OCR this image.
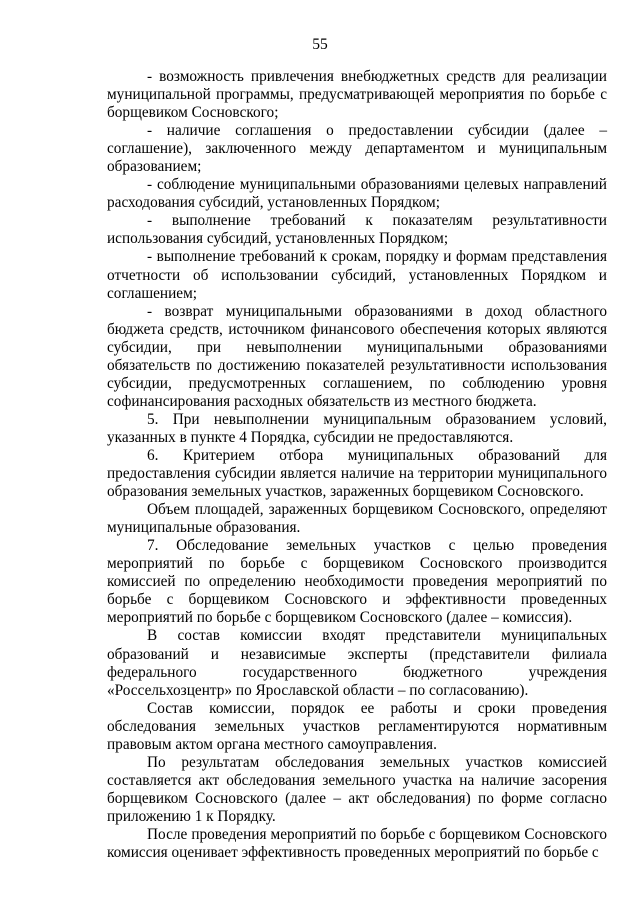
55

- возможность привлечения внебюджетных средств для реализации муниципальной программы, предусматривающей мероприятия по борьбе с борщевиком Сосновского;

- наличие соглашения о предоставлении субсидии (далее – соглашение), заключенного между департаментом и муниципальным образованием;

- соблюдение муниципальными образованиями целевых направлений расходования субсидий, установленных Порядком;

- выполнение требований к показателям результативности использования субсидий, установленных Порядком;

- выполнение требований к срокам, порядку и формам представления отчетности об использовании субсидий, установленных Порядком и соглашением;

- возврат муниципальными образованиями в доход областного бюджета средств, источником финансового обеспечения которых являются субсидии, при невыполнении муниципальными образованиями обязательств по достижению показателей результативности использования субсидии, предусмотренных соглашением, по соблюдению уровня софинансирования расходных обязательств из местного бюджета.

5. При невыполнении муниципальным образованием условий, указанных в пункте 4 Порядка, субсидии не предоставляются.

6. Критерием отбора муниципальных образований для предоставления субсидии является наличие на территории муниципального образования земельных участков, зараженных борщевиком Сосновского.

Объем площадей, зараженных борщевиком Сосновского, определяют муниципальные образования.

7. Обследование земельных участков с целью проведения мероприятий по борьбе с борщевиком Сосновского производится комиссией по определению необходимости проведения мероприятий по борьбе с борщевиком Сосновского и эффективности проведенных мероприятий по борьбе с борщевиком Сосновского (далее – комиссия).

В состав комиссии входят представители муниципальных образований и независимые эксперты (представители филиала федерального государственного бюджетного учреждения «Россельхозцентр» по Ярославской области – по согласованию).

Состав комиссии, порядок ее работы и сроки проведения обследования земельных участков регламентируются нормативным правовым актом органа местного самоуправления.

По результатам обследования земельных участков комиссией составляется акт обследования земельного участка на наличие засорения борщевиком Сосновского (далее – акт обследования) по форме согласно приложению 1 к Порядку.

После проведения мероприятий по борьбе с борщевиком Сосновского комиссия оценивает эффективность проведенных мероприятий по борьбе с
